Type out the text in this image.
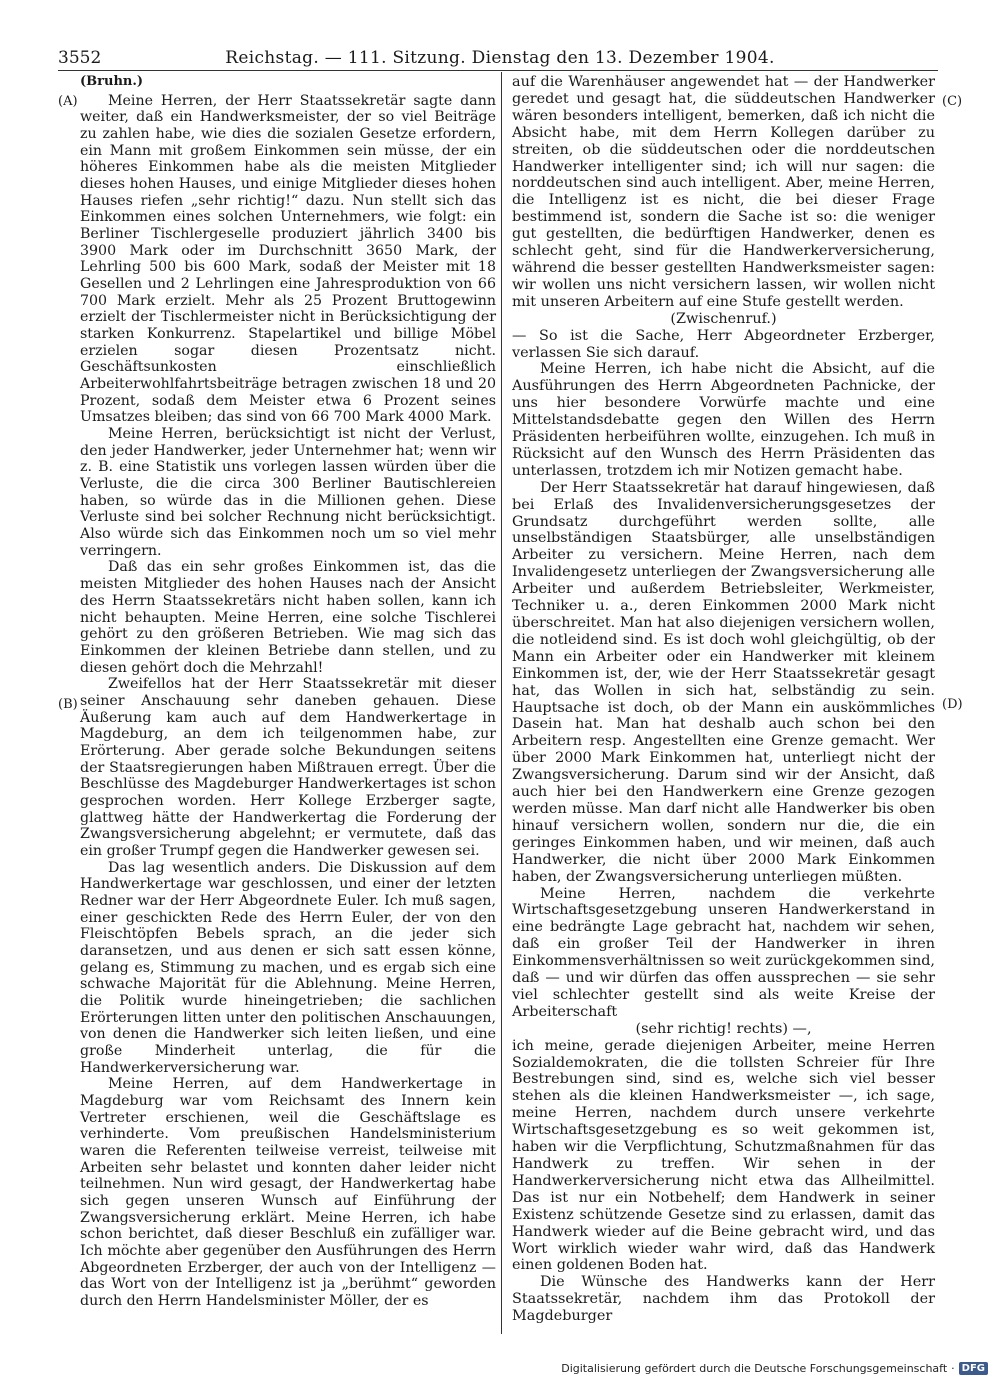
3552	Reichstag. — 111. Sitzung. Dienstag den 13. Dezember 1904.
(A)
(B)
(C)
(D)
(Bruhn.)

Meine Herren, der Herr Staatssekretär sagte dann weiter, daß ein Handwerksmeister, der so viel Beiträge zu zahlen habe, wie dies die sozialen Gesetze erfordern, ein Mann mit großem Einkommen sein müsse, der ein höheres Einkommen habe als die meisten Mitglieder dieses hohen Hauses, und einige Mitglieder dieses hohen Hauses riefen „sehr richtig!“ dazu. Nun stellt sich das Einkommen eines solchen Unternehmers, wie folgt: ein Berliner Tischlergeselle produziert jährlich 3400 bis 3900 Mark oder im Durchschnitt 3650 Mark, der Lehrling 500 bis 600 Mark, sodaß der Meister mit 18 Gesellen und 2 Lehrlingen eine Jahresproduktion von 66 700 Mark erzielt. Mehr als 25 Prozent Bruttogewinn erzielt der Tischlermeister nicht in Berücksichtigung der starken Konkurrenz. Stapelartikel und billige Möbel erzielen sogar diesen Prozentsatz nicht. Geschäftsunkosten einschließlich Arbeiterwohlfahrtsbeiträge betragen zwischen 18 und 20 Prozent, sodaß dem Meister etwa 6 Prozent seines Umsatzes bleiben; das sind von 66 700 Mark 4000 Mark.

Meine Herren, berücksichtigt ist nicht der Verlust, den jeder Handwerker, jeder Unternehmer hat; wenn wir z. B. eine Statistik uns vorlegen lassen würden über die Verluste, die die circa 300 Berliner Bautischlereien haben, so würde das in die Millionen gehen. Diese Verluste sind bei solcher Rechnung nicht berücksichtigt. Also würde sich das Einkommen noch um so viel mehr verringern.

Daß das ein sehr großes Einkommen ist, das die meisten Mitglieder des hohen Hauses nach der Ansicht des Herrn Staatssekretärs nicht haben sollen, kann ich nicht behaupten. Meine Herren, eine solche Tischlerei gehört zu den größeren Betrieben. Wie mag sich das Einkommen der kleinen Betriebe dann stellen, und zu diesen gehört doch die Mehrzahl!

Zweifellos hat der Herr Staatssekretär mit dieser seiner Anschauung sehr daneben gehauen. Diese Äußerung kam auch auf dem Handwerkertage in Magdeburg, an dem ich teilgenommen habe, zur Erörterung. Aber gerade solche Bekundungen seitens der Staatsregierungen haben Mißtrauen erregt. Über die Beschlüsse des Magdeburger Handwerkertages ist schon gesprochen worden. Herr Kollege Erzberger sagte, glattweg hätte der Handwerkertag die Forderung der Zwangsversicherung abgelehnt; er vermutete, daß das ein großer Trumpf gegen die Handwerker gewesen sei.

Das lag wesentlich anders. Die Diskussion auf dem Handwerkertage war geschlossen, und einer der letzten Redner war der Herr Abgeordnete Euler. Ich muß sagen, einer geschickten Rede des Herrn Euler, der von den Fleischtöpfen Bebels sprach, an die jeder sich daransetzen, und aus denen er sich satt essen könne, gelang es, Stimmung zu machen, und es ergab sich eine schwache Majorität für die Ablehnung. Meine Herren, die Politik wurde hineingetrieben; die sachlichen Erörterungen litten unter den politischen Anschauungen, von denen die Handwerker sich leiten ließen, und eine große Minderheit unterlag, die für die Handwerkerversicherung war.

Meine Herren, auf dem Handwerkertage in Magdeburg war vom Reichsamt des Innern kein Vertreter erschienen, weil die Geschäftslage es verhinderte. Vom preußischen Handelsministerium waren die Referenten teilweise verreist, teilweise mit Arbeiten sehr belastet und konnten daher leider nicht teilnehmen. Nun wird gesagt, der Handwerkertag habe sich gegen unseren Wunsch auf Einführung der Zwangsversicherung erklärt. Meine Herren, ich habe schon berichtet, daß dieser Beschluß ein zufälliger war. Ich möchte aber gegenüber den Ausführungen des Herrn Abgeordneten Erzberger, der auch von der Intelligenz — das Wort von der Intelligenz ist ja „berühmt“ geworden durch den Herrn Handelsminister Möller, der es

auf die Warenhäuser angewendet hat — der Handwerker geredet und gesagt hat, die süddeutschen Handwerker wären besonders intelligent, bemerken, daß ich nicht die Absicht habe, mit dem Herrn Kollegen darüber zu streiten, ob die süddeutschen oder die norddeutschen Handwerker intelligenter sind; ich will nur sagen: die norddeutschen sind auch intelligent. Aber, meine Herren, die Intelligenz ist es nicht, die bei dieser Frage bestimmend ist, sondern die Sache ist so: die weniger gut gestellten, die bedürftigen Handwerker, denen es schlecht geht, sind für die Handwerkerversicherung, während die besser gestellten Handwerksmeister sagen: wir wollen uns nicht versichern lassen, wir wollen nicht mit unseren Arbeitern auf eine Stufe gestellt werden.

(Zwischenruf.)

— So ist die Sache, Herr Abgeordneter Erzberger, verlassen Sie sich darauf.

Meine Herren, ich habe nicht die Absicht, auf die Ausführungen des Herrn Abgeordneten Pachnicke, der uns hier besondere Vorwürfe machte und eine Mittelstandsdebatte gegen den Willen des Herrn Präsidenten herbeiführen wollte, einzugehen. Ich muß in Rücksicht auf den Wunsch des Herrn Präsidenten das unterlassen, trotzdem ich mir Notizen gemacht habe.

Der Herr Staatssekretär hat darauf hingewiesen, daß bei Erlaß des Invalidenversicherungsgesetzes der Grundsatz durchgeführt werden sollte, alle unselbständigen Staatsbürger, alle unselbständigen Arbeiter zu versichern. Meine Herren, nach dem Invalidengesetz unterliegen der Zwangsversicherung alle Arbeiter und außerdem Betriebsleiter, Werkmeister, Techniker u. a., deren Einkommen 2000 Mark nicht überschreitet. Man hat also diejenigen versichern wollen, die notleidend sind. Es ist doch wohl gleichgültig, ob der Mann ein Arbeiter oder ein Handwerker mit kleinem Einkommen ist, der, wie der Herr Staatssekretär gesagt hat, das Wollen in sich hat, selbständig zu sein. Hauptsache ist doch, ob der Mann ein auskömmliches Dasein hat. Man hat deshalb auch schon bei den Arbeitern resp. Angestellten eine Grenze gemacht. Wer über 2000 Mark Einkommen hat, unterliegt nicht der Zwangsversicherung. Darum sind wir der Ansicht, daß auch hier bei den Handwerkern eine Grenze gezogen werden müsse. Man darf nicht alle Handwerker bis oben hinauf versichern wollen, sondern nur die, die ein geringes Einkommen haben, und wir meinen, daß auch Handwerker, die nicht über 2000 Mark Einkommen haben, der Zwangsversicherung unterliegen müßten.

Meine Herren, nachdem die verkehrte Wirtschaftsgesetzgebung unseren Handwerkerstand in eine bedrängte Lage gebracht hat, nachdem wir sehen, daß ein großer Teil der Handwerker in ihren Einkommensverhältnissen so weit zurückgekommen sind, daß — und wir dürfen das offen aussprechen — sie sehr viel schlechter gestellt sind als weite Kreise der Arbeiterschaft

(sehr richtig! rechts) —,

ich meine, gerade diejenigen Arbeiter, meine Herren Sozialdemokraten, die die tollsten Schreier für Ihre Bestrebungen sind, sind es, welche sich viel besser stehen als die kleinen Handwerksmeister —, ich sage, meine Herren, nachdem durch unsere verkehrte Wirtschaftsgesetzgebung es so weit gekommen ist, haben wir die Verpflichtung, Schutzmaßnahmen für das Handwerk zu treffen. Wir sehen in der Handwerkerversicherung nicht etwa das Allheilmittel. Das ist nur ein Notbehelf; dem Handwerk in seiner Existenz schützende Gesetze sind zu erlassen, damit das Handwerk wieder auf die Beine gebracht wird, und das Wort wirklich wieder wahr wird, daß das Handwerk einen goldenen Boden hat.

Die Wünsche des Handwerks kann der Herr Staatssekretär, nachdem ihm das Protokoll der Magdeburger

Digitalisierung gefördert durch die Deutsche Forschungsgemeinschaft · DFG
